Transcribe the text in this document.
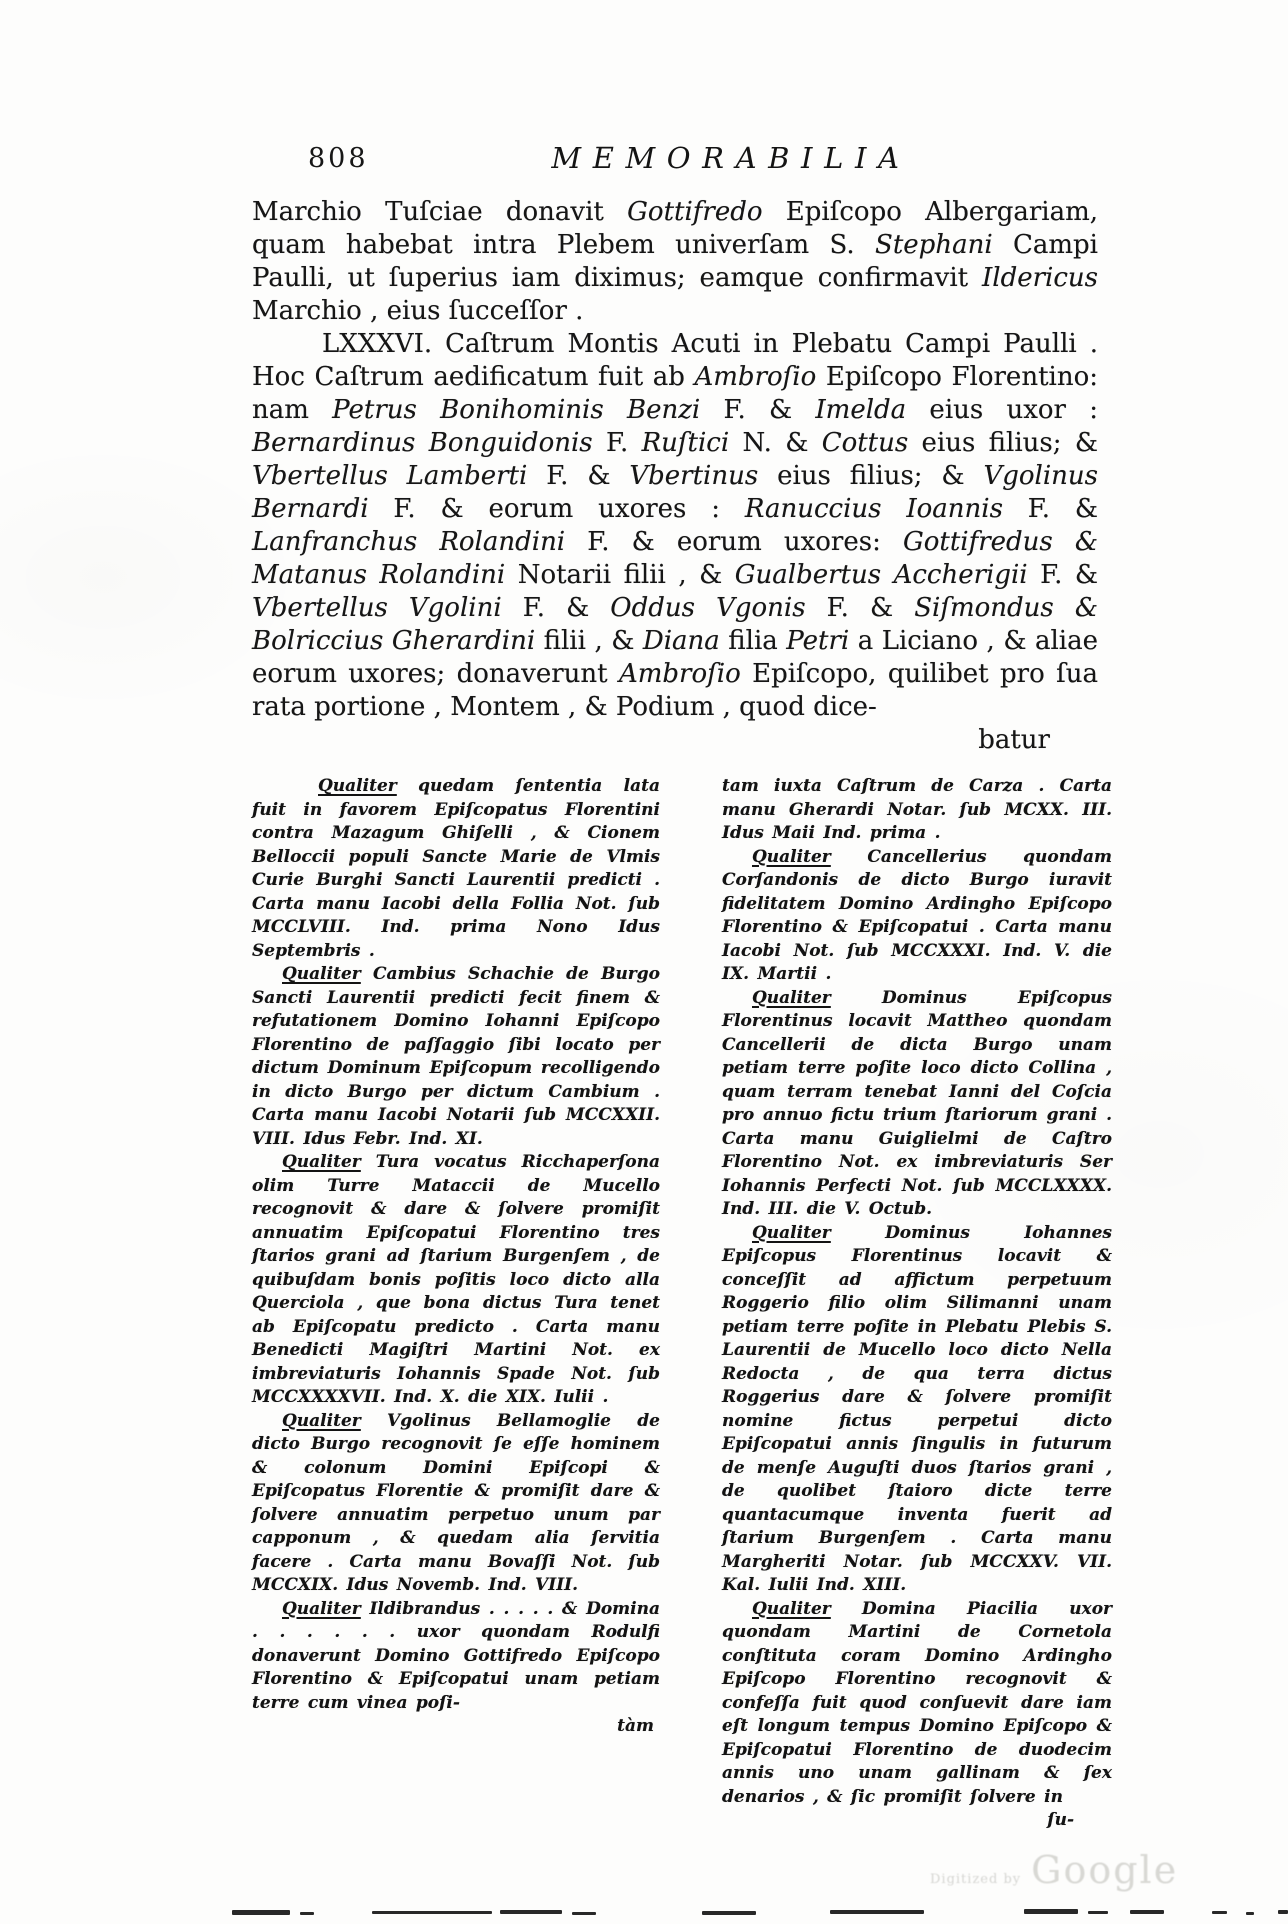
808	MEMORABILIA

Marchio Tuſciae donavit Gottifredo Epiſcopo Albergariam, quam habebat intra Plebem univerſam S. Stephani Campi Paulli, ut ſuperius iam diximus; eamque confirmavit Ildericus Marchio , eius ſucceſſor .

LXXXVI. Caſtrum Montis Acuti in Plebatu Campi Paulli . Hoc Caſtrum aedificatum fuit ab Ambroſio Epiſcopo Florentino: nam Petrus Bonihominis Benzi F. & Imelda eius uxor : Bernardinus Bonguidonis F. Ruſtici N. & Cottus eius filius; & Vbertellus Lamberti F. & Vbertinus eius filius; & Vgolinus Bernardi F. & eorum uxores : Ranuccius Ioannis F. & Lanfranchus Rolandini F. & eorum uxores: Gottifredus & Matanus Rolandini Notarii filii , & Gualbertus Accherigii F. & Vbertellus Vgolini F. & Oddus Vgonis F. & Siſmondus & Bolriccius Gherardini filii , & Diana filia Petri a Liciano , & aliae eorum uxores; donaverunt Ambroſio Epiſcopo, quilibet pro ſua rata portione , Montem , & Podium , quod dice-

batur

Qualiter quedam ſententia lata fuit in favorem Epiſcopatus Florentini contra Mazagum Ghiſelli , & Cionem Belloccii populi Sancte Marie de Vlmis Curie Burghi Sancti Laurentii predicti . Carta manu Iacobi della Follia Not. ſub MCCLVIII. Ind. prima Nono Idus Septembris .

Qualiter Cambius Schachie de Burgo Sancti Laurentii predicti fecit finem & refutationem Domino Iohanni Epiſcopo Florentino de paſſaggio ſibi locato per dictum Dominum Epiſcopum recolligendo in dicto Burgo per dictum Cambium . Carta manu Iacobi Notarii ſub MCCXXII. VIII. Idus Febr. Ind. XI.

Qualiter Tura vocatus Ricchaperſona olim Turre Mataccii de Mucello recognovit & dare & ſolvere promiſit annuatim Epiſcopatui Florentino tres ſtarios grani ad ſtarium Burgenſem , de quibuſdam bonis poſitis loco dicto alla Querciola , que bona dictus Tura tenet ab Epiſcopatu predicto . Carta manu Benedicti Magiſtri Martini Not. ex imbreviaturis Iohannis Spade Not. ſub MCCXXXXVII. Ind. X. die XIX. Iulii .

Qualiter Vgolinus Bellamoglie de dicto Burgo recognovit ſe eſſe hominem & colonum Domini Epiſcopi & Epiſcopatus Florentie & promiſit dare & ſolvere annuatim perpetuo unum par capponum , & quedam alia ſervitia facere . Carta manu Bovaſſi Not. ſub MCCXIX. Idus Novemb. Ind. VIII.

Qualiter Ildibrandus . . . . . & Domina . . . . . . uxor quondam Rodulfi donaverunt Domino Gottifredo Epiſcopo Florentino & Epiſcopatui unam petiam terre cum vinea poſi-

tàm

tam iuxta Caſtrum de Carza . Carta manu Gherardi Notar. ſub MCXX. III. Idus Maii Ind. prima .

Qualiter Cancellerius quondam Corſandonis de dicto Burgo iuravit fidelitatem Domino Ardingho Epiſcopo Florentino & Epiſcopatui . Carta manu Iacobi Not. ſub MCCXXXI. Ind. V. die IX. Martii .

Qualiter Dominus Epiſcopus Florentinus locavit Mattheo quondam Cancellerii de dicta Burgo unam petiam terre poſite loco dicto Collina , quam terram tenebat Ianni del Coſcia pro annuo fictu trium ſtariorum grani . Carta manu Guiglielmi de Caſtro Florentino Not. ex imbreviaturis Ser Iohannis Perfecti Not. ſub MCCLXXXX. Ind. III. die V. Octub.

Qualiter Dominus Iohannes Epiſcopus Florentinus locavit & conceſſit ad affictum perpetuum Roggerio filio olim Silimanni unam petiam terre poſite in Plebatu Plebis S. Laurentii de Mucello loco dicto Nella Redocta , de qua terra dictus Roggerius dare & ſolvere promiſit nomine fictus perpetui dicto Epiſcopatui annis ſingulis in futurum de menſe Auguſti duos ſtarios grani , de quolibet ſtaioro dicte terre quantacumque inventa fuerit ad ſtarium Burgenſem . Carta manu Margheriti Notar. ſub MCCXXV. VII. Kal. Iulii Ind. XIII.

Qualiter Domina Piacilia uxor quondam Martini de Cornetola conſtituta coram Domino Ardingho Epiſcopo Florentino recognovit & confeſſa fuit quod conſuevit dare iam eſt longum tempus Domino Epiſcopo & Epiſcopatui Florentino de duodecim annis uno unam gallinam & ſex denarios , & ſic promiſit ſolvere in

ſu-

Digitized by Google
